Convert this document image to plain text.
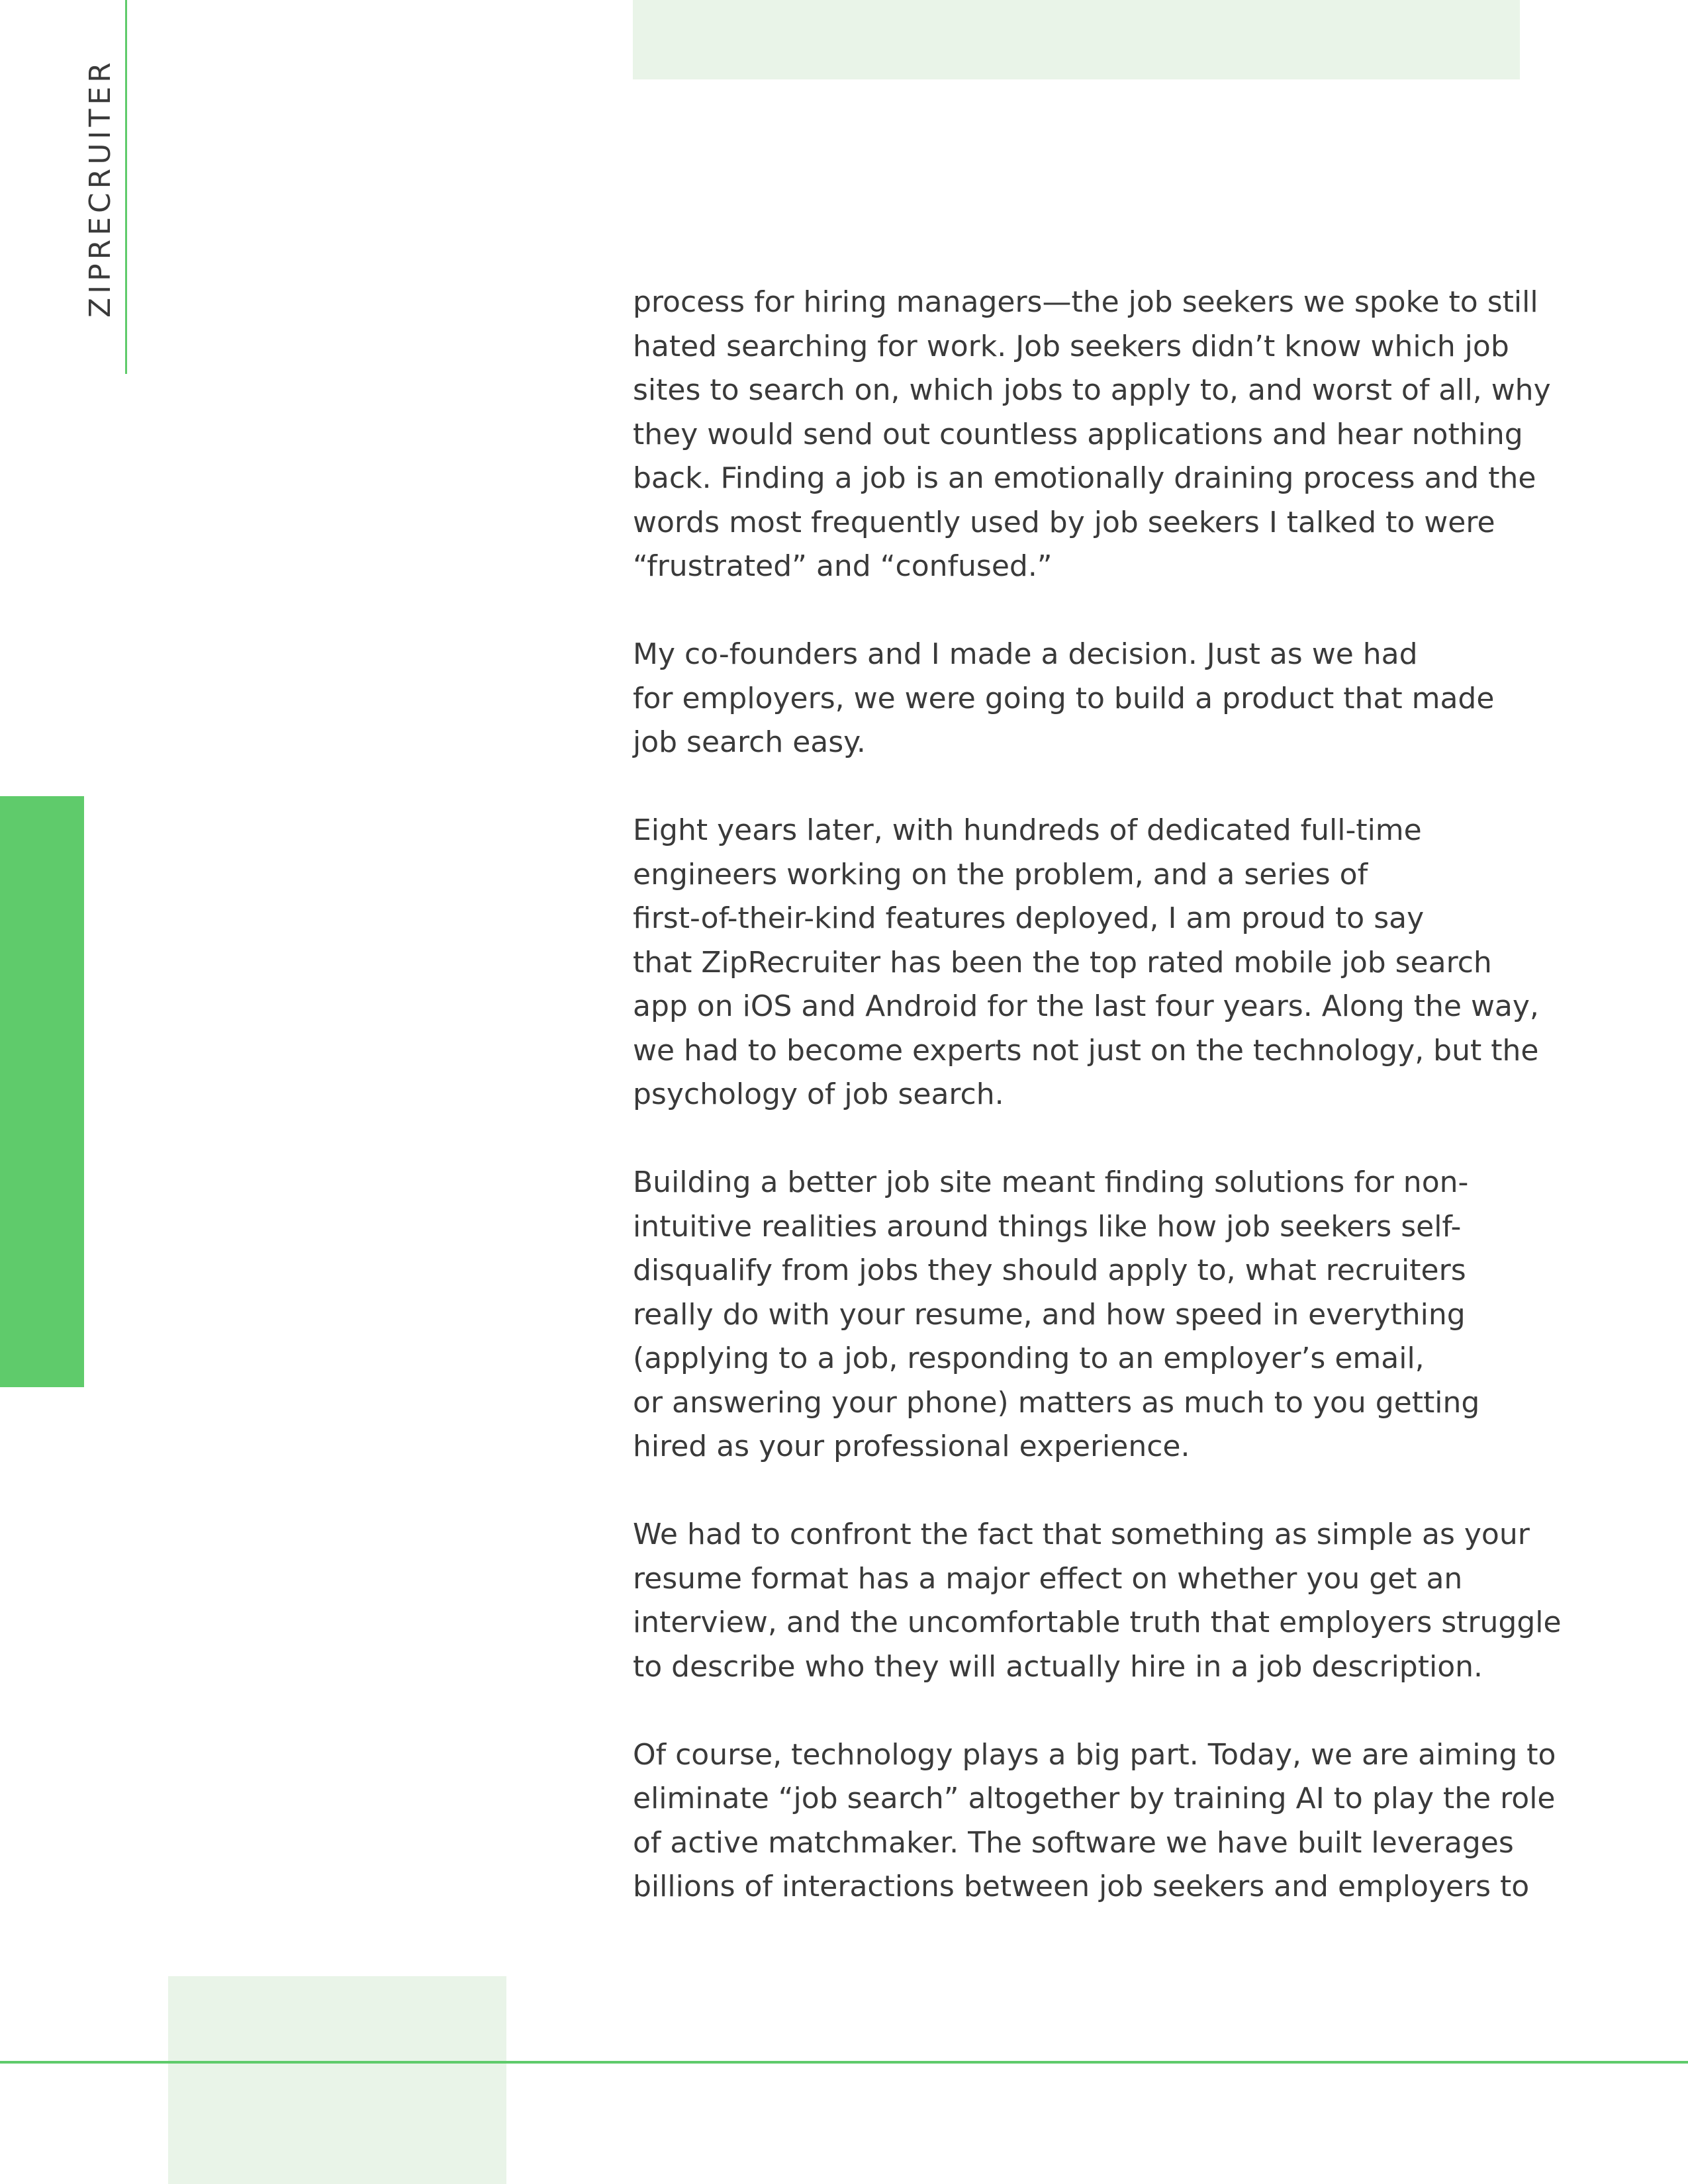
ZIPRECRUITER	process for hiring managers—the job seekers we spoke to still
hated searching for work. Job seekers didn’t know which job
sites to search on, which jobs to apply to, and worst of all, why
they would send out countless applications and hear nothing
back. Finding a job is an emotionally draining process and the
words most frequently used by job seekers I talked to were
“frustrated” and “confused.”

My co-founders and I made a decision. Just as we had
for employers, we were going to build a product that made
job search easy.

Eight years later, with hundreds of dedicated full-time
engineers working on the problem, and a series of
first-of-their-kind features deployed, I am proud to say
that ZipRecruiter has been the top rated mobile job search
app on iOS and Android for the last four years. Along the way,
we had to become experts not just on the technology, but the
psychology of job search.

Building a better job site meant finding solutions for non-
intuitive realities around things like how job seekers self-
disqualify from jobs they should apply to, what recruiters
really do with your resume, and how speed in everything
(applying to a job, responding to an employer’s email,
or answering your phone) matters as much to you getting
hired as your professional experience.

We had to confront the fact that something as simple as your
resume format has a major effect on whether you get an
interview, and the uncomfortable truth that employers struggle
to describe who they will actually hire in a job description.

Of course, technology plays a big part. Today, we are aiming to
eliminate “job search” altogether by training AI to play the role
of active matchmaker. The software we have built leverages
billions of interactions between job seekers and employers to
